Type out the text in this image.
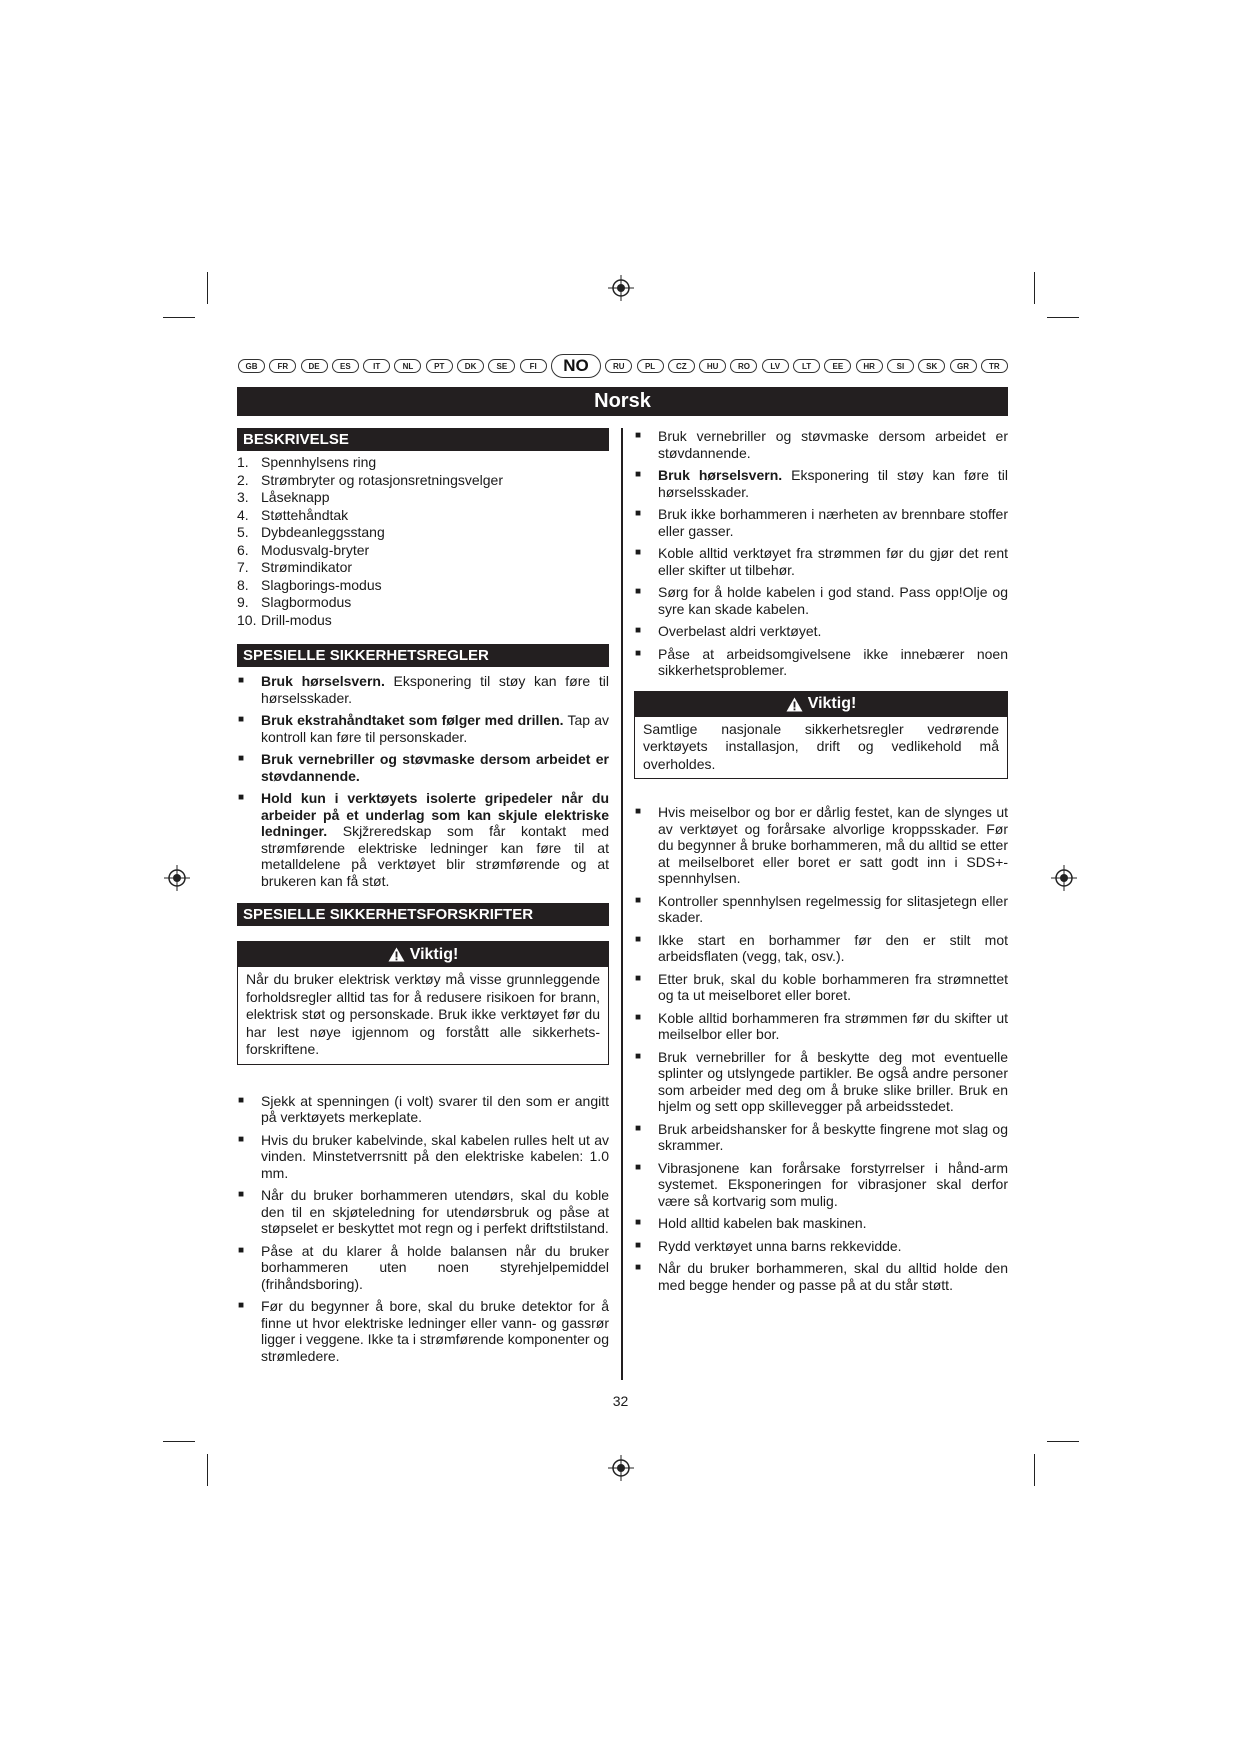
GB	FR	DE	ES	IT	NL	PT	DK	SE	FI	NO	RU	PL	CZ	HU	RO	LV	LT	EE	HR	SI	SK	GR	TR
Norsk
BESKRIVELSE
1. Spennhylsens ring
2. Strømbryter og rotasjonsretningsvelger
3. Låseknapp
4. Støttehåndtak
5. Dybdeanleggsstang
6. Modusvalg-bryter
7. Strømindikator
8. Slagborings-modus
9. Slagbormodus
10. Drill-modus
SPESIELLE SIKKERHETSREGLER
■ Bruk hørselsvern. Eksponering til støy kan føre til hørselsskader.
■ Bruk ekstrahåndtaket som følger med drillen. Tap av kontroll kan føre til personskader.
■ Bruk vernebriller og støvmaske dersom arbeidet er støvdannende.
■ Hold kun i verktøyets isolerte gripedeler når du arbeider på et underlag som kan skjule elektriske ledninger. Skjžreredskap som får kontakt med strømførende elektriske ledninger kan føre til at metalldelene på verktøyet blir strømførende og at brukeren kan få støt.
SPESIELLE SIKKERHETSFORSKRIFTER
Viktig!
Når du bruker elektrisk verktøy må visse grunnleggende forholdsregler alltid tas for å redusere risikoen for brann, elektrisk støt og personskade. Bruk ikke verktøyet før du har lest nøye igjennom og forstått alle sikkerhets-forskriftene.
■ Sjekk at spenningen (i volt) svarer til den som er angitt på verktøyets merkeplate.
■ Hvis du bruker kabelvinde, skal kabelen rulles helt ut av vinden. Minstetverrsnitt på den elektriske kabelen: 1.0 mm.
■ Når du bruker borhammeren utendørs, skal du koble den til en skjøteledning for utendørsbruk og påse at støpselet er beskyttet mot regn og i perfekt driftstilstand.
■ Påse at du klarer å holde balansen når du bruker borhammeren uten noen styrehjelpemiddel (frihåndsboring).
■ Før du begynner å bore, skal du bruke detektor for å finne ut hvor elektriske ledninger eller vann- og gassrør ligger i veggene. Ikke ta i strømførende komponenter og strømledere.
■ Bruk vernebriller og støvmaske dersom arbeidet er støvdannende.
■ Bruk hørselsvern. Eksponering til støy kan føre til hørselsskader.
■ Bruk ikke borhammeren i nærheten av brennbare stoffer eller gasser.
■ Koble alltid verktøyet fra strømmen før du gjør det rent eller skifter ut tilbehør.
■ Sørg for å holde kabelen i god stand. Pass opp!Olje og syre kan skade kabelen.
■ Overbelast aldri verktøyet.
■ Påse at arbeidsomgivelsene ikke innebærer noen sikkerhetsproblemer.
Viktig!
Samtlige nasjonale sikkerhetsregler vedrørende verktøyets installasjon, drift og vedlikehold må overholdes.
■ Hvis meiselbor og bor er dårlig festet, kan de slynges ut av verktøyet og forårsake alvorlige kroppsskader. Før du begynner å bruke borhammeren, må du alltid se etter at meilselboret eller boret er satt godt inn i SDS+-spennhylsen.
■ Kontroller spennhylsen regelmessig for slitasjetegn eller skader.
■ Ikke start en borhammer før den er stilt mot arbeidsflaten (vegg, tak, osv.).
■ Etter bruk, skal du koble borhammeren fra strømnettet og ta ut meiselboret eller boret.
■ Koble alltid borhammeren fra strømmen før du skifter ut meilselbor eller bor.
■ Bruk vernebriller for å beskytte deg mot eventuelle splinter og utslyngede partikler. Be også andre personer som arbeider med deg om å bruke slike briller. Bruk en hjelm og sett opp skillevegger på arbeidsstedet.
■ Bruk arbeidshansker for å beskytte fingrene mot slag og skrammer.
■ Vibrasjonene kan forårsake forstyrrelser i hånd-arm systemet. Eksponeringen for vibrasjoner skal derfor være så kortvarig som mulig.
■ Hold alltid kabelen bak maskinen.
■ Rydd verktøyet unna barns rekkevidde.
■ Når du bruker borhammeren, skal du alltid holde den med begge hender og passe på at du står støtt.
32
